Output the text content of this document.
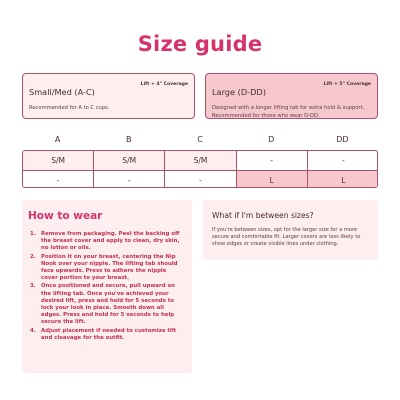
Size guide
Small/Med (A-C)
Lift + 4" Coverage
Recommended for A to C cups.
Large (D-DD)
Lift + 5" Coverage
Designed with a longer lifting tab for extra hold & support. Recommended for those who wear D-DD.
A	B	C	D	DD
S/M	S/M	S/M	-	-
-	-	-	L	L
How to wear
1. Remove from packaging. Peel the backing off the breast cover and apply to clean, dry skin, no lotion or oils.
2. Position it on your breast, centering the Nip Nook over your nipple. The lifting tab should face upwards. Press to adhere the nipple cover portion to your breast.
3. Once positioned and secure, pull upward on the lifting tab. Once you've achieved your desired lift, press and hold for 5 seconds to lock your look in place. Smooth down all edges. Press and hold for 5 seconds to help secure the lift.
4. Adjust placement if needed to customize lift and cleavage for the outfit.
What if I'm between sizes?
If you're between sizes, opt for the larger size for a more secure and comfortable fit. Larger covers are less likely to show edges or create visible lines under clothing.
